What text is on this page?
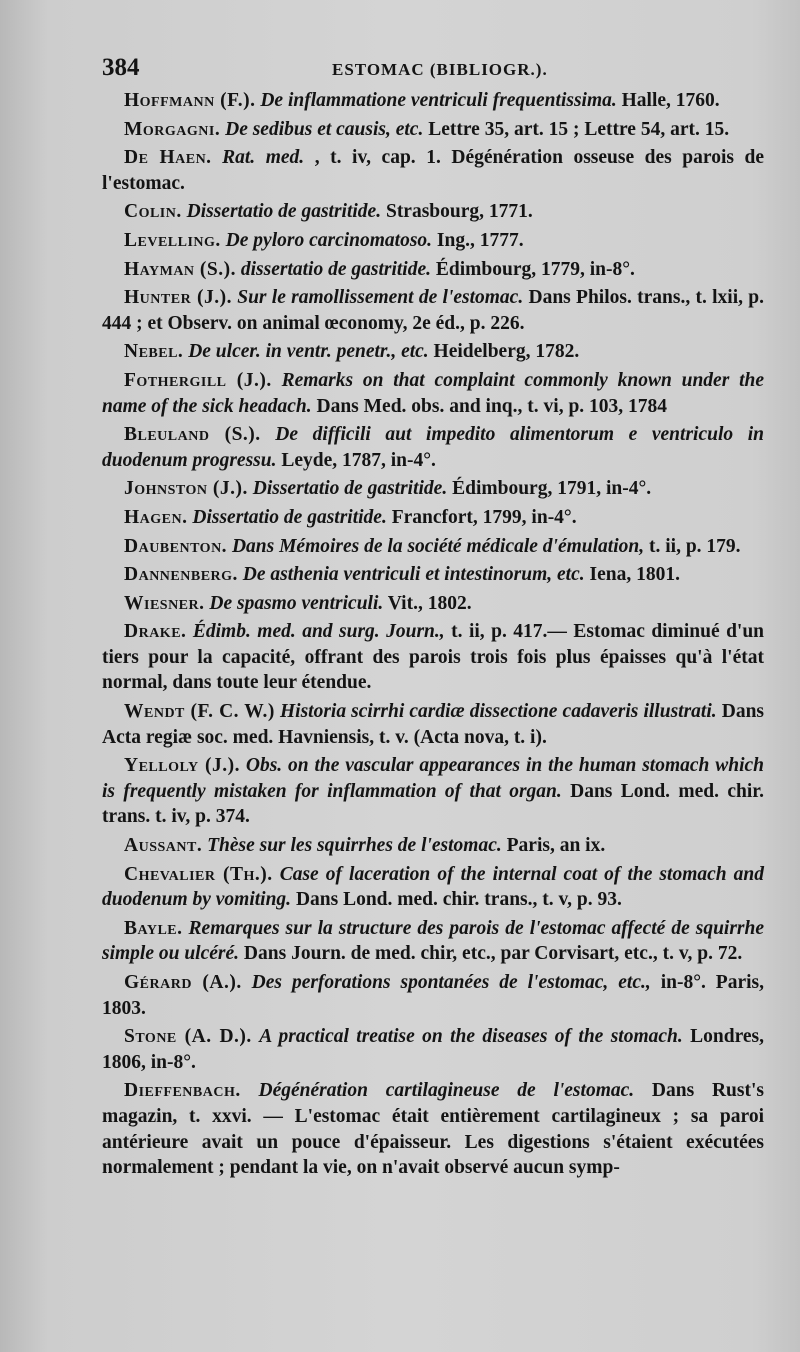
384	ESTOMAC (BIBLIOGR.).

Hoffmann (F.). De inflammatione ventriculi frequentissima. Halle, 1760.

Morgagni. De sedibus et causis, etc. Lettre 35, art. 15 ; Lettre 54, art. 15.

De Haen. Rat. med. , t. iv, cap. 1. Dégénération osseuse des parois de l'estomac.

Colin. Dissertatio de gastritide. Strasbourg, 1771.

Levelling. De pyloro carcinomatoso. Ing., 1777.

Hayman (S.). dissertatio de gastritide. Édimbourg, 1779, in-8°.

Hunter (J.). Sur le ramollissement de l'estomac. Dans Philos. trans., t. lxii, p. 444 ; et Observ. on animal œconomy, 2e éd., p. 226.

Nebel. De ulcer. in ventr. penetr., etc. Heidelberg, 1782.

Fothergill (J.). Remarks on that complaint commonly known under the name of the sick headach. Dans Med. obs. and inq., t. vi, p. 103, 1784

Bleuland (S.). De difficili aut impedito alimentorum e ventriculo in duodenum progressu. Leyde, 1787, in-4°.

Johnston (J.). Dissertatio de gastritide. Édimbourg, 1791, in-4°.

Hagen. Dissertatio de gastritide. Francfort, 1799, in-4°.

Daubenton. Dans Mémoires de la société médicale d'émulation, t. ii, p. 179.

Dannenberg. De asthenia ventriculi et intestinorum, etc. Iena, 1801.

Wiesner. De spasmo ventriculi. Vit., 1802.

Drake. Édimb. med. and surg. Journ., t. ii, p. 417.— Estomac diminué d'un tiers pour la capacité, offrant des parois trois fois plus épaisses qu'à l'état normal, dans toute leur étendue.

Wendt (F. C. W.) Historia scirrhi cardiæ dissectione cadaveris illustrati. Dans Acta regiæ soc. med. Havniensis, t. v. (Acta nova, t. i).

Yelloly (J.). Obs. on the vascular appearances in the human stomach which is frequently mistaken for inflammation of that organ. Dans Lond. med. chir. trans. t. iv, p. 374.

Aussant. Thèse sur les squirrhes de l'estomac. Paris, an ix.

Chevalier (Th.). Case of laceration of the internal coat of the stomach and duodenum by vomiting. Dans Lond. med. chir. trans., t. v, p. 93.

Bayle. Remarques sur la structure des parois de l'estomac affecté de squirrhe simple ou ulcéré. Dans Journ. de med. chir, etc., par Corvisart, etc., t. v, p. 72.

Gérard (A.). Des perforations spontanées de l'estomac, etc., in-8°. Paris, 1803.

Stone (A. D.). A practical treatise on the diseases of the stomach. Londres, 1806, in-8°.

Dieffenbach. Dégénération cartilagineuse de l'estomac. Dans Rust's magazin, t. xxvi. — L'estomac était entièrement cartilagineux ; sa paroi antérieure avait un pouce d'épaisseur. Les digestions s'étaient exécutées normalement ; pendant la vie, on n'avait observé aucun symp-
